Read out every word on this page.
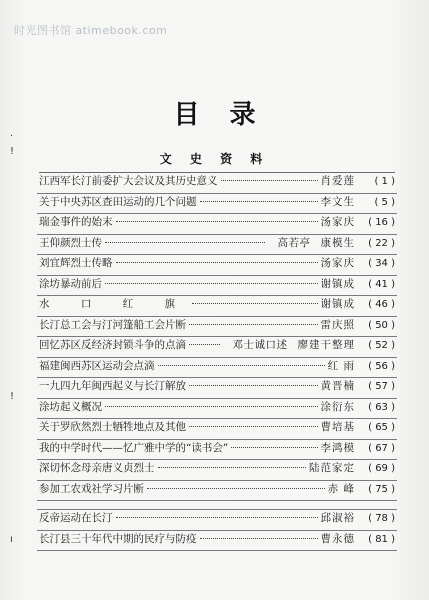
时光图书馆 atimebook.com
·
!
!
ı
目录
文 史 资 料
江西军长汀前委扩大会议及其历史意义	肖爱莲	( 1 )
关于中央苏区查田运动的几个问题	李文生	( 5 )
瑞金事件的始末	汤家庆	( 16 )
王仰颜烈士传	高若亭 康模生	( 22 )
刘宜辉烈士传略	汤家庆	( 34 )
涂坊暴动前后	谢镇成	( 41 )
水 口 红 旗	谢镇成	( 46 )
长汀总工会与汀河篷船工会片断	雷庆照	( 50 )
回忆苏区反经济封锁斗争的点滴	邓士诚口述 廖建干整理	( 52 )
福建闽西苏区运动会点滴	红 雨	( 56 )
一九四九年闽西起义与长汀解放	黄晋楠	( 57 )
涂坊起义概况	涂衍东	( 63 )
关于罗欣然烈士牺牲地点及其他	曹培基	( 65 )
我的中学时代——忆广雅中学的“读书会”	李鸿模	( 67 )
深切怀念母亲唐义贞烈士	陆范家定	( 69 )
参加工农戏社学习片断	赤 峰	( 75 )
反帝运动在长汀	邱淑裕	( 78 )
长汀县三十年代中期的民疗与防疫	曹永德	( 81 )
